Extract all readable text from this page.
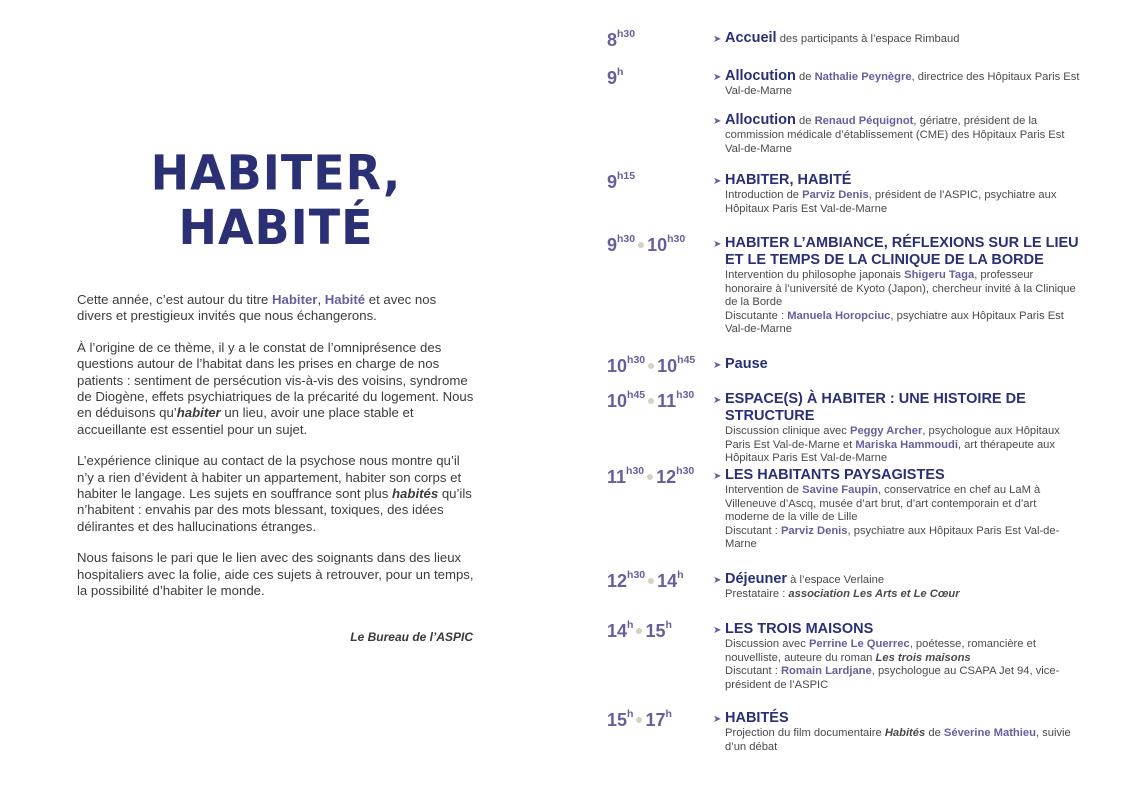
HABITER,
HABITÉ

Cette année, c’est autour du titre Habiter, Habité et avec nos divers et prestigieux invités que nous échangerons.

À l’origine de ce thème, il y a le constat de l’omniprésence des questions autour de l’habitat dans les prises en charge de nos patients : sentiment de persécution vis-à-vis des voisins, syndrome de Diogène, effets psychiatriques de la précarité du logement. Nous en déduisons qu’habiter un lieu, avoir une place stable et accueillante est essentiel pour un sujet.

L’expérience clinique au contact de la psychose nous montre qu’il n’y a rien d’évident à habiter un appartement, habiter son corps et habiter le langage. Les sujets en souffrance sont plus habités qu’ils n’habitent : envahis par des mots blessant, toxiques, des idées délirantes et des hallucinations étranges.

Nous faisons le pari que le lien avec des soignants dans des lieux hospitaliers avec la folie, aide ces sujets à retrouver, pour un temps, la possibilité d’habiter le monde.

Le Bureau de l’ASPIC
$8^{h30}$	➤ Accueil des participants à l’espace Rimbaud
9$^h$	➤ Allocution de Nathalie Peynègre, directrice des Hôpitaux Paris Est Val-de-Marne
➤ Allocution de Renaud Péquignot, gériatre, président de la commission médicale d’établissement (CME) des Hôpitaux Paris Est Val-de-Marne
$9^{h15}$	➤ HABITER, HABITÉ
Introduction de Parviz Denis, président de l’ASPIC, psychiatre aux Hôpitaux Paris Est Val-de-Marne
$9^{h30}$ $10^{h30}$	➤ HABITER L’AMBIANCE, RÉFLEXIONS SUR LE LIEU ET LE TEMPS DE LA CLINIQUE DE LA BORDE
Intervention du philosophe japonais Shigeru Taga, professeur honoraire à l’université de Kyoto (Japon), chercheur invité à la Clinique de la Borde
Discutante : Manuela Horopciuc, psychiatre aux Hôpitaux Paris Est Val-de-Marne
$10^{h30}$ $10^{h45}$	➤ Pause
$10^{h45}$ $11^{h30}$	➤ ESPACE(S) À HABITER : UNE HISTOIRE DE STRUCTURE
Discussion clinique avec Peggy Archer, psychologue aux Hôpitaux Paris Est Val-de-Marne et Mariska Hammoudi, art thérapeute aux Hôpitaux Paris Est Val-de-Marne
$11^{h30}$ $12^{h30}$	➤ LES HABITANTS PAYSAGISTES
Intervention de Savine Faupin, conservatrice en chef au LaM à Villeneuve d’Ascq, musée d’art brut, d’art contemporain et d’art moderne de la ville de Lille
Discutant : Parviz Denis, psychiatre aux Hôpitaux Paris Est Val-de-Marne
$12^{h30}$ 14$^h$	➤ Déjeuner à l’espace Verlaine
Prestataire : association Les Arts et Le Cœur
14$^h$ 15$^h$	➤ LES TROIS MAISONS
Discussion avec Perrine Le Querrec, poétesse, romancière et nouvelliste, auteure du roman Les trois maisons
Discutant : Romain Lardjane, psychologue au CSAPA Jet 94, vice-président de l’ASPIC
15$^h$ 17$^h$	➤ HABITÉS
Projection du film documentaire Habités de Séverine Mathieu, suivie d’un débat
